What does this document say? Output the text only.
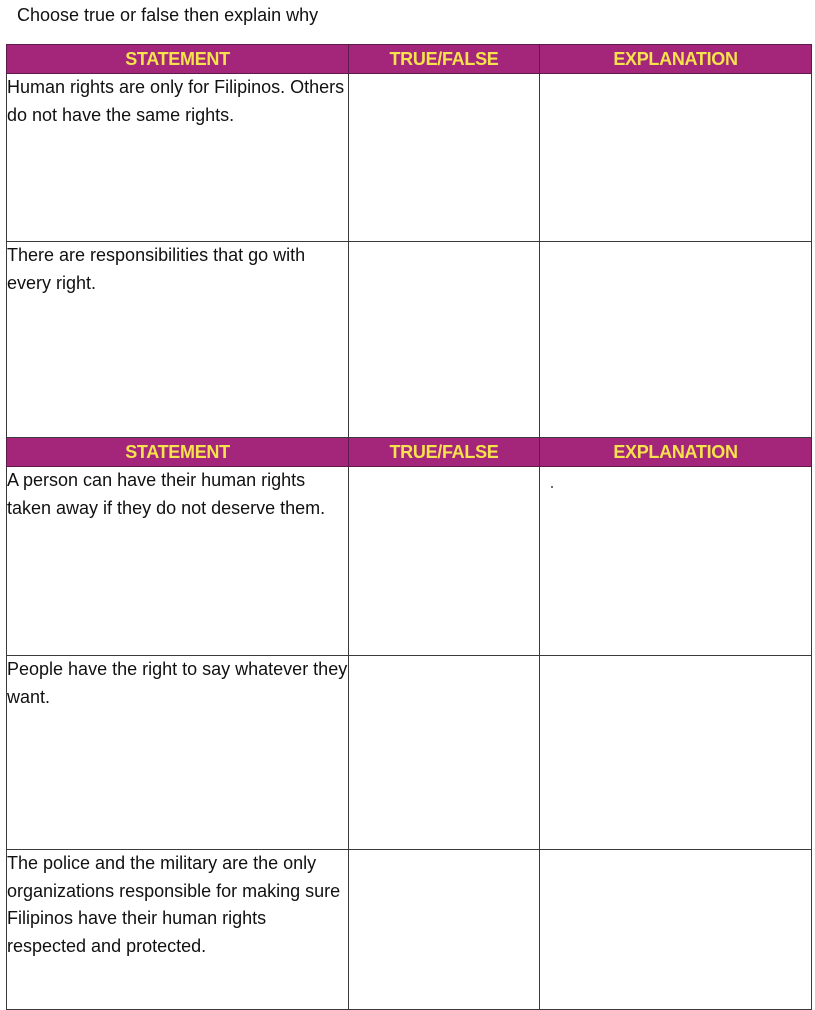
Choose true or false then explain why
STATEMENT	TRUE/FALSE	EXPLANATION
Human rights are only for Filipinos. Others do not have the same rights.		
There are responsibilities that go with every right.		
STATEMENT	TRUE/FALSE	EXPLANATION
A person can have their human rights taken away if they do not deserve them.		

People have the right to say whatever they want.		
The police and the military are the only organizations responsible for making sure Filipinos have their human rights respected and protected.		
